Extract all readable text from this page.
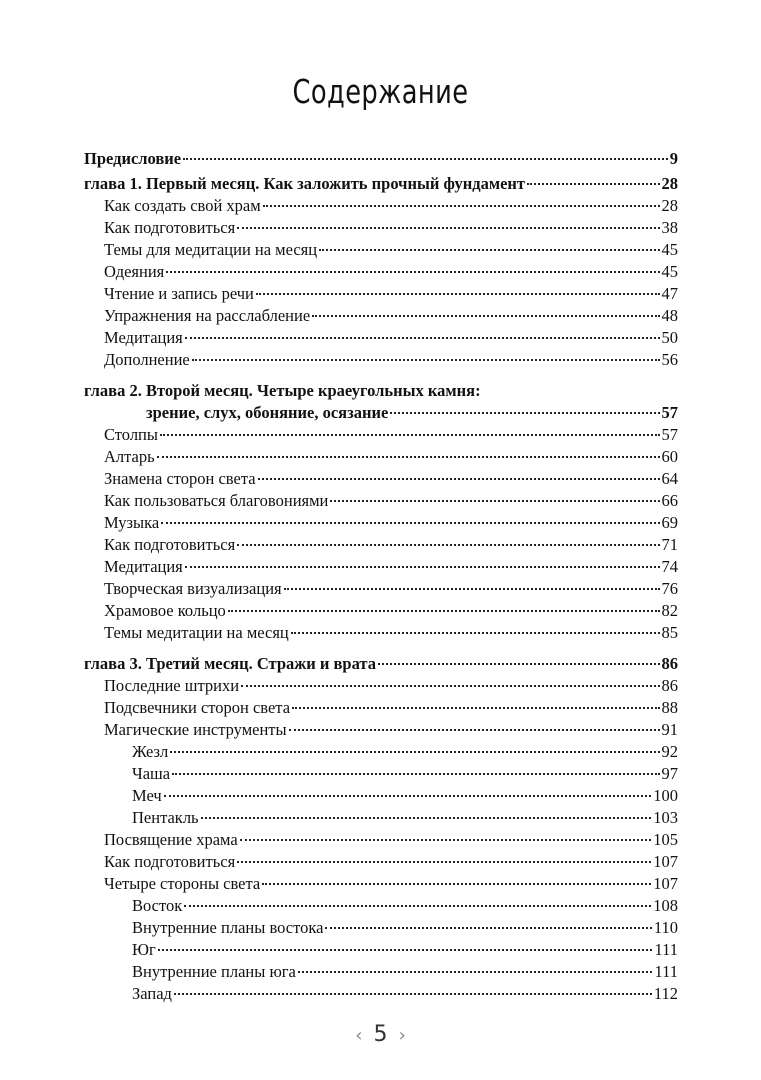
Содержание
Предисловие	9
глава 1. Первый месяц. Как заложить прочный фундамент	28
Как создать свой храм	28
Как подготовиться	38
Темы для медитации на месяц	45
Одеяния	45
Чтение и запись речи	47
Упражнения на расслабление	48
Медитация	50
Дополнение	56
глава 2. Второй месяц. Четыре краеугольных камня:
зрение, слух, обоняние, осязание	57
Столпы	57
Алтарь	60
Знамена сторон света	64
Как пользоваться благовониями	66
Музыка	69
Как подготовиться	71
Медитация	74
Творческая визуализация	76
Храмовое кольцо	82
Темы медитации на месяц	85
глава 3. Третий месяц. Стражи и врата	86
Последние штрихи	86
Подсвечники сторон света	88
Магические инструменты	91
Жезл	92
Чаша	97
Меч	100
Пентакль	103
Посвящение храма	105
Как подготовиться	107
Четыре стороны света	107
Восток	108
Внутренние планы востока	110
Юг	111
Внутренние планы юга	111
Запад	112
‹ 5 ›
